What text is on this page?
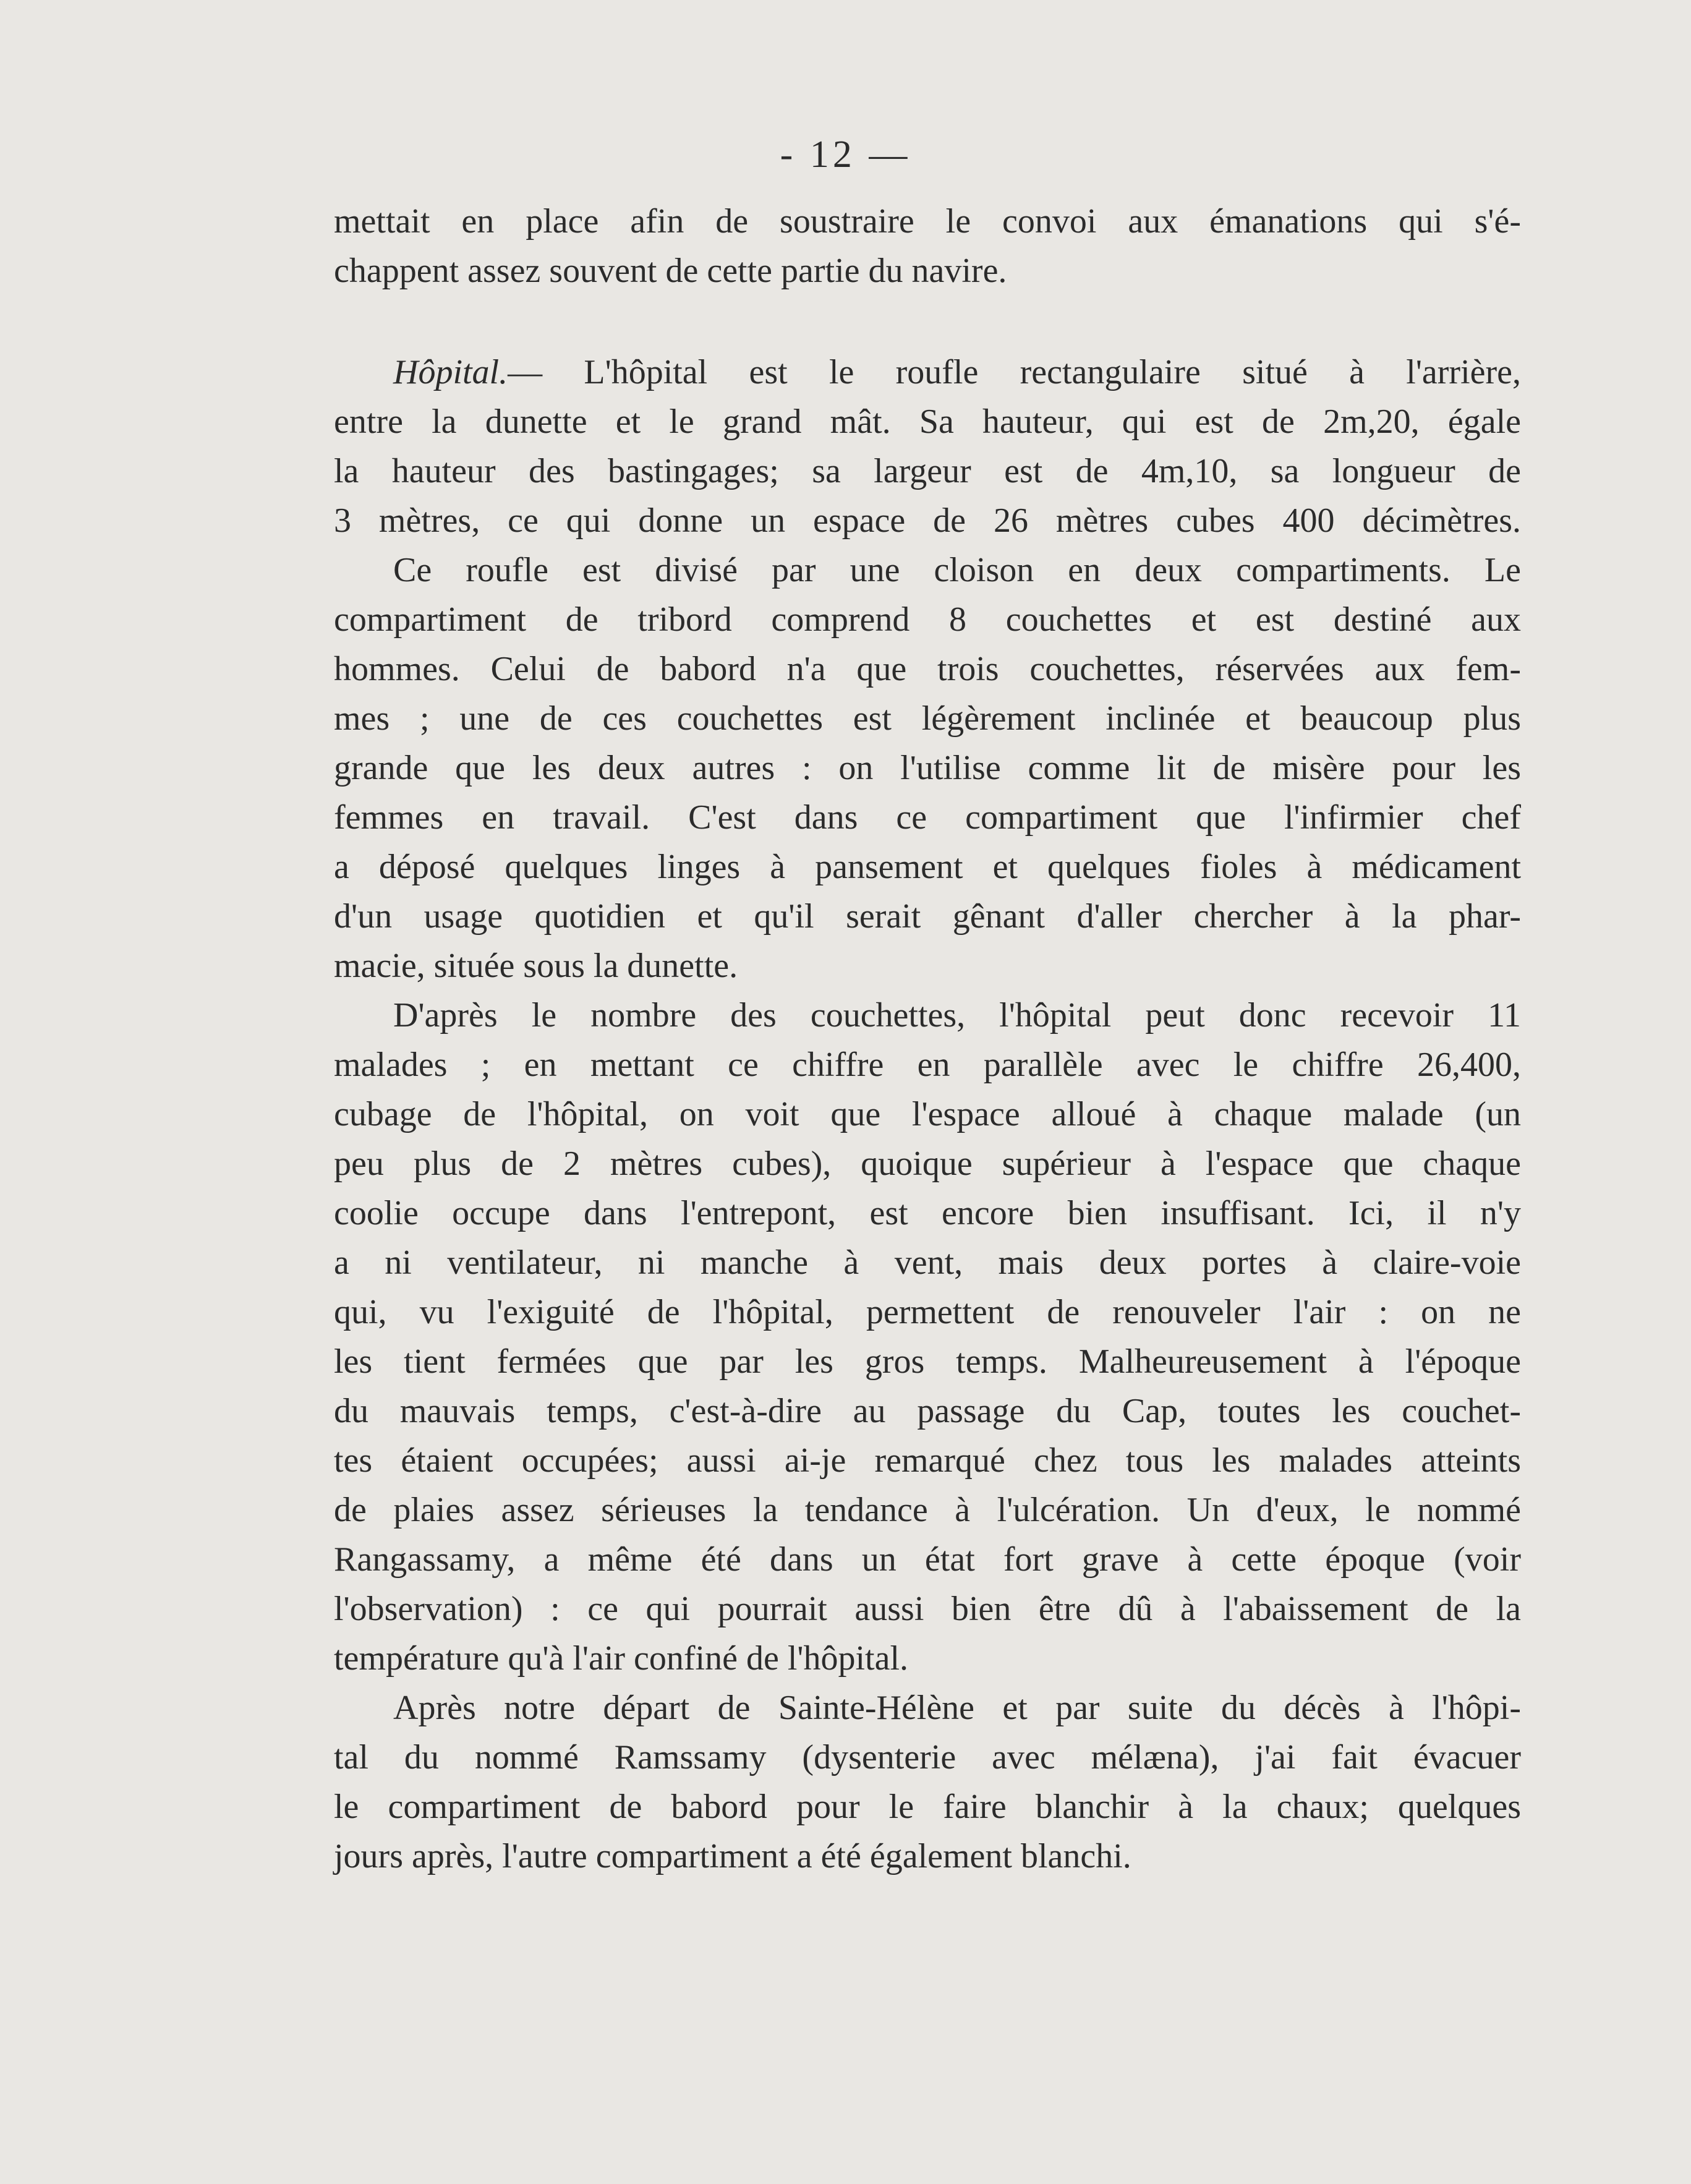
- 12 —
mettait en place afin de soustraire le convoi aux émanations qui s'é-
chappent assez souvent de cette partie du navire.
Hôpital.— L'hôpital est le roufle rectangulaire situé à l'arrière,
entre la dunette et le grand mât. Sa hauteur, qui est de 2m,20, égale
la hauteur des bastingages; sa largeur est de 4m,10, sa longueur de
3 mètres, ce qui donne un espace de 26 mètres cubes 400 décimètres.
Ce roufle est divisé par une cloison en deux compartiments. Le
compartiment de tribord comprend 8 couchettes et est destiné aux
hommes. Celui de babord n'a que trois couchettes, réservées aux fem-
mes ; une de ces couchettes est légèrement inclinée et beaucoup plus
grande que les deux autres : on l'utilise comme lit de misère pour les
femmes en travail. C'est dans ce compartiment que l'infirmier chef
a déposé quelques linges à pansement et quelques fioles à médicament
d'un usage quotidien et qu'il serait gênant d'aller chercher à la phar-
macie, située sous la dunette.
D'après le nombre des couchettes, l'hôpital peut donc recevoir 11
malades ; en mettant ce chiffre en parallèle avec le chiffre 26,400,
cubage de l'hôpital, on voit que l'espace alloué à chaque malade (un
peu plus de 2 mètres cubes), quoique supérieur à l'espace que chaque
coolie occupe dans l'entrepont, est encore bien insuffisant. Ici, il n'y
a ni ventilateur, ni manche à vent, mais deux portes à claire-voie
qui, vu l'exiguité de l'hôpital, permettent de renouveler l'air : on ne
les tient fermées que par les gros temps. Malheureusement à l'époque
du mauvais temps, c'est-à-dire au passage du Cap, toutes les couchet-
tes étaient occupées; aussi ai-je remarqué chez tous les malades atteints
de plaies assez sérieuses la tendance à l'ulcération. Un d'eux, le nommé
Rangassamy, a même été dans un état fort grave à cette époque (voir
l'observation) : ce qui pourrait aussi bien être dû à l'abaissement de la
température qu'à l'air confiné de l'hôpital.
Après notre départ de Sainte-Hélène et par suite du décès à l'hôpi-
tal du nommé Ramssamy (dysenterie avec mélæna), j'ai fait évacuer
le compartiment de babord pour le faire blanchir à la chaux; quelques
jours après, l'autre compartiment a été également blanchi.
